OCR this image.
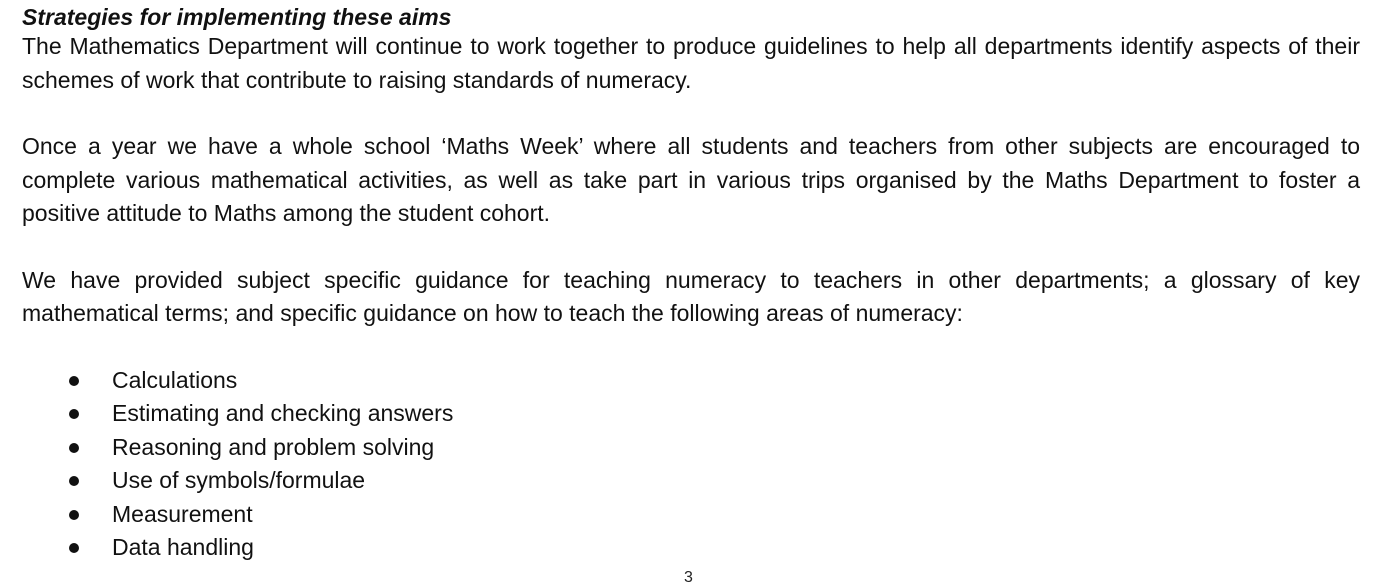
Strategies for implementing these aims

The Mathematics Department will continue to work together to produce guidelines to help all departments identify aspects of their schemes of work that contribute to raising standards of numeracy.

Once a year we have a whole school ‘Maths Week’ where all students and teachers from other subjects are encouraged to complete various mathematical activities, as well as take part in various trips organised by the Maths Department to foster a positive attitude to Maths among the student cohort.

We have provided subject specific guidance for teaching numeracy to teachers in other departments; a glossary of key mathematical terms; and specific guidance on how to teach the following areas of numeracy:

Calculations
Estimating and checking answers
Reasoning and problem solving
Use of symbols/formulae
Measurement
Data handling
3
